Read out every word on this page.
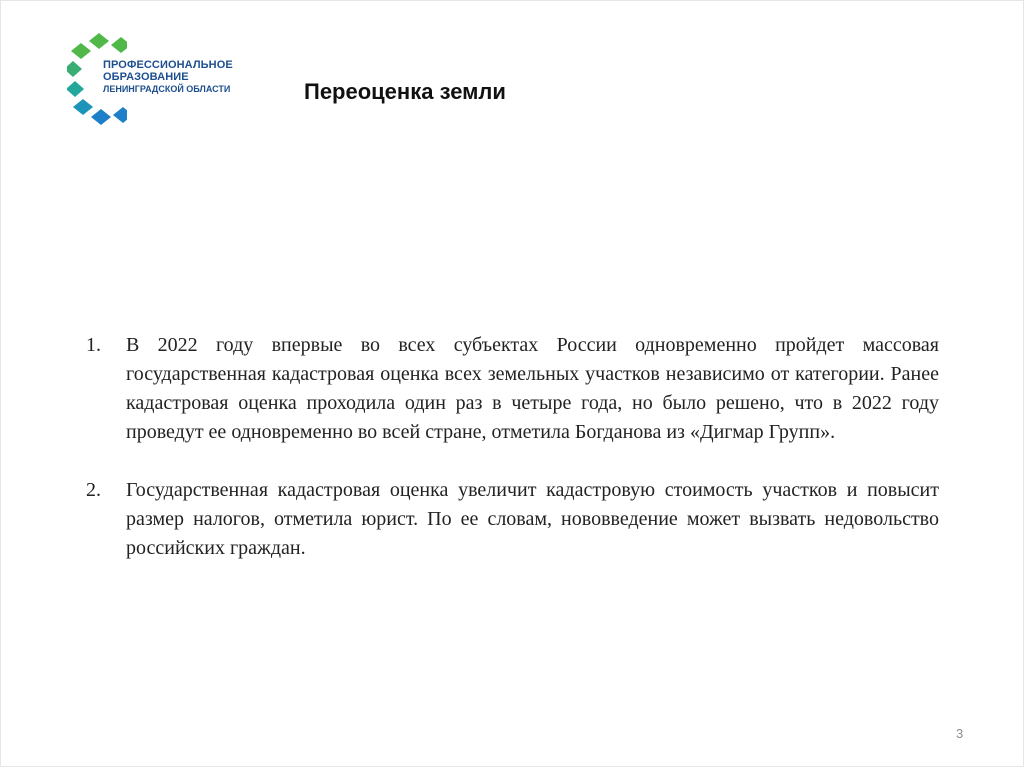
ПРОФЕССИОНАЛЬНОЕ
ОБРАЗОВАНИЕ
ЛЕНИНГРАДСКОЙ ОБЛАСТИ	Переоценка земли
1. В 2022 году впервые во всех субъектах России одновременно пройдет массовая государственная кадастровая оценка всех земельных участков независимо от категории. Ранее кадастровая оценка проходила один раз в четыре года, но было решено, что в 2022 году проведут ее одновременно во всей стране, отметила Богданова из «Дигмар Групп».
2. Государственная кадастровая оценка увеличит кадастровую стоимость участков и повысит размер налогов, отметила юрист. По ее словам, нововведение может вызвать недовольство российских граждан.
3
